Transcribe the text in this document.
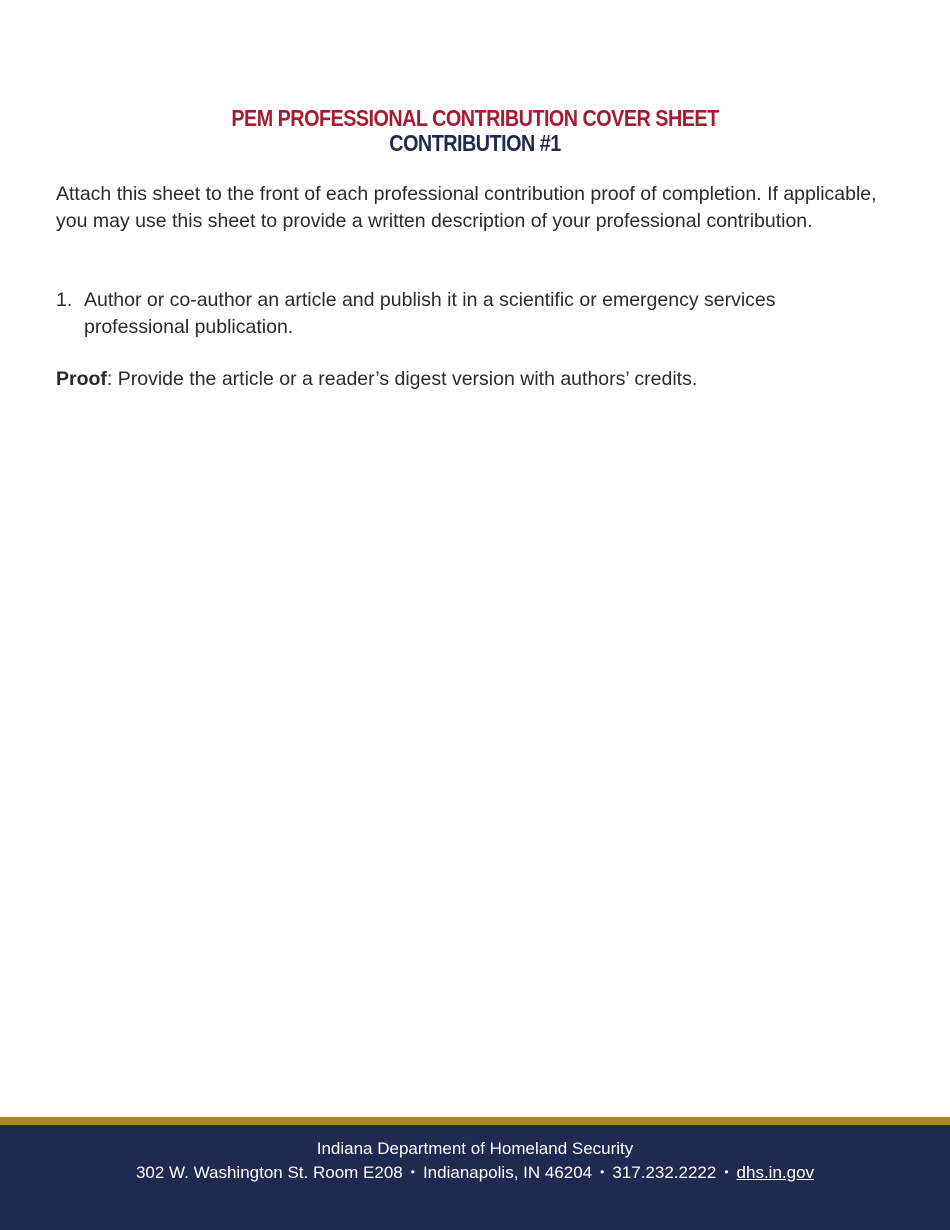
PEM PROFESSIONAL CONTRIBUTION COVER SHEET
CONTRIBUTION #1

Attach this sheet to the front of each professional contribution proof of completion. If applicable, you may use this sheet to provide a written description of your professional contribution.

1. Author or co-author an article and publish it in a scientific or emergency services professional publication.

Proof: Provide the article or a reader’s digest version with authors’ credits.

Indiana Department of Homeland Security
302 W. Washington St. Room E208 • Indianapolis, IN 46204 • 317.232.2222 • dhs.in.gov
